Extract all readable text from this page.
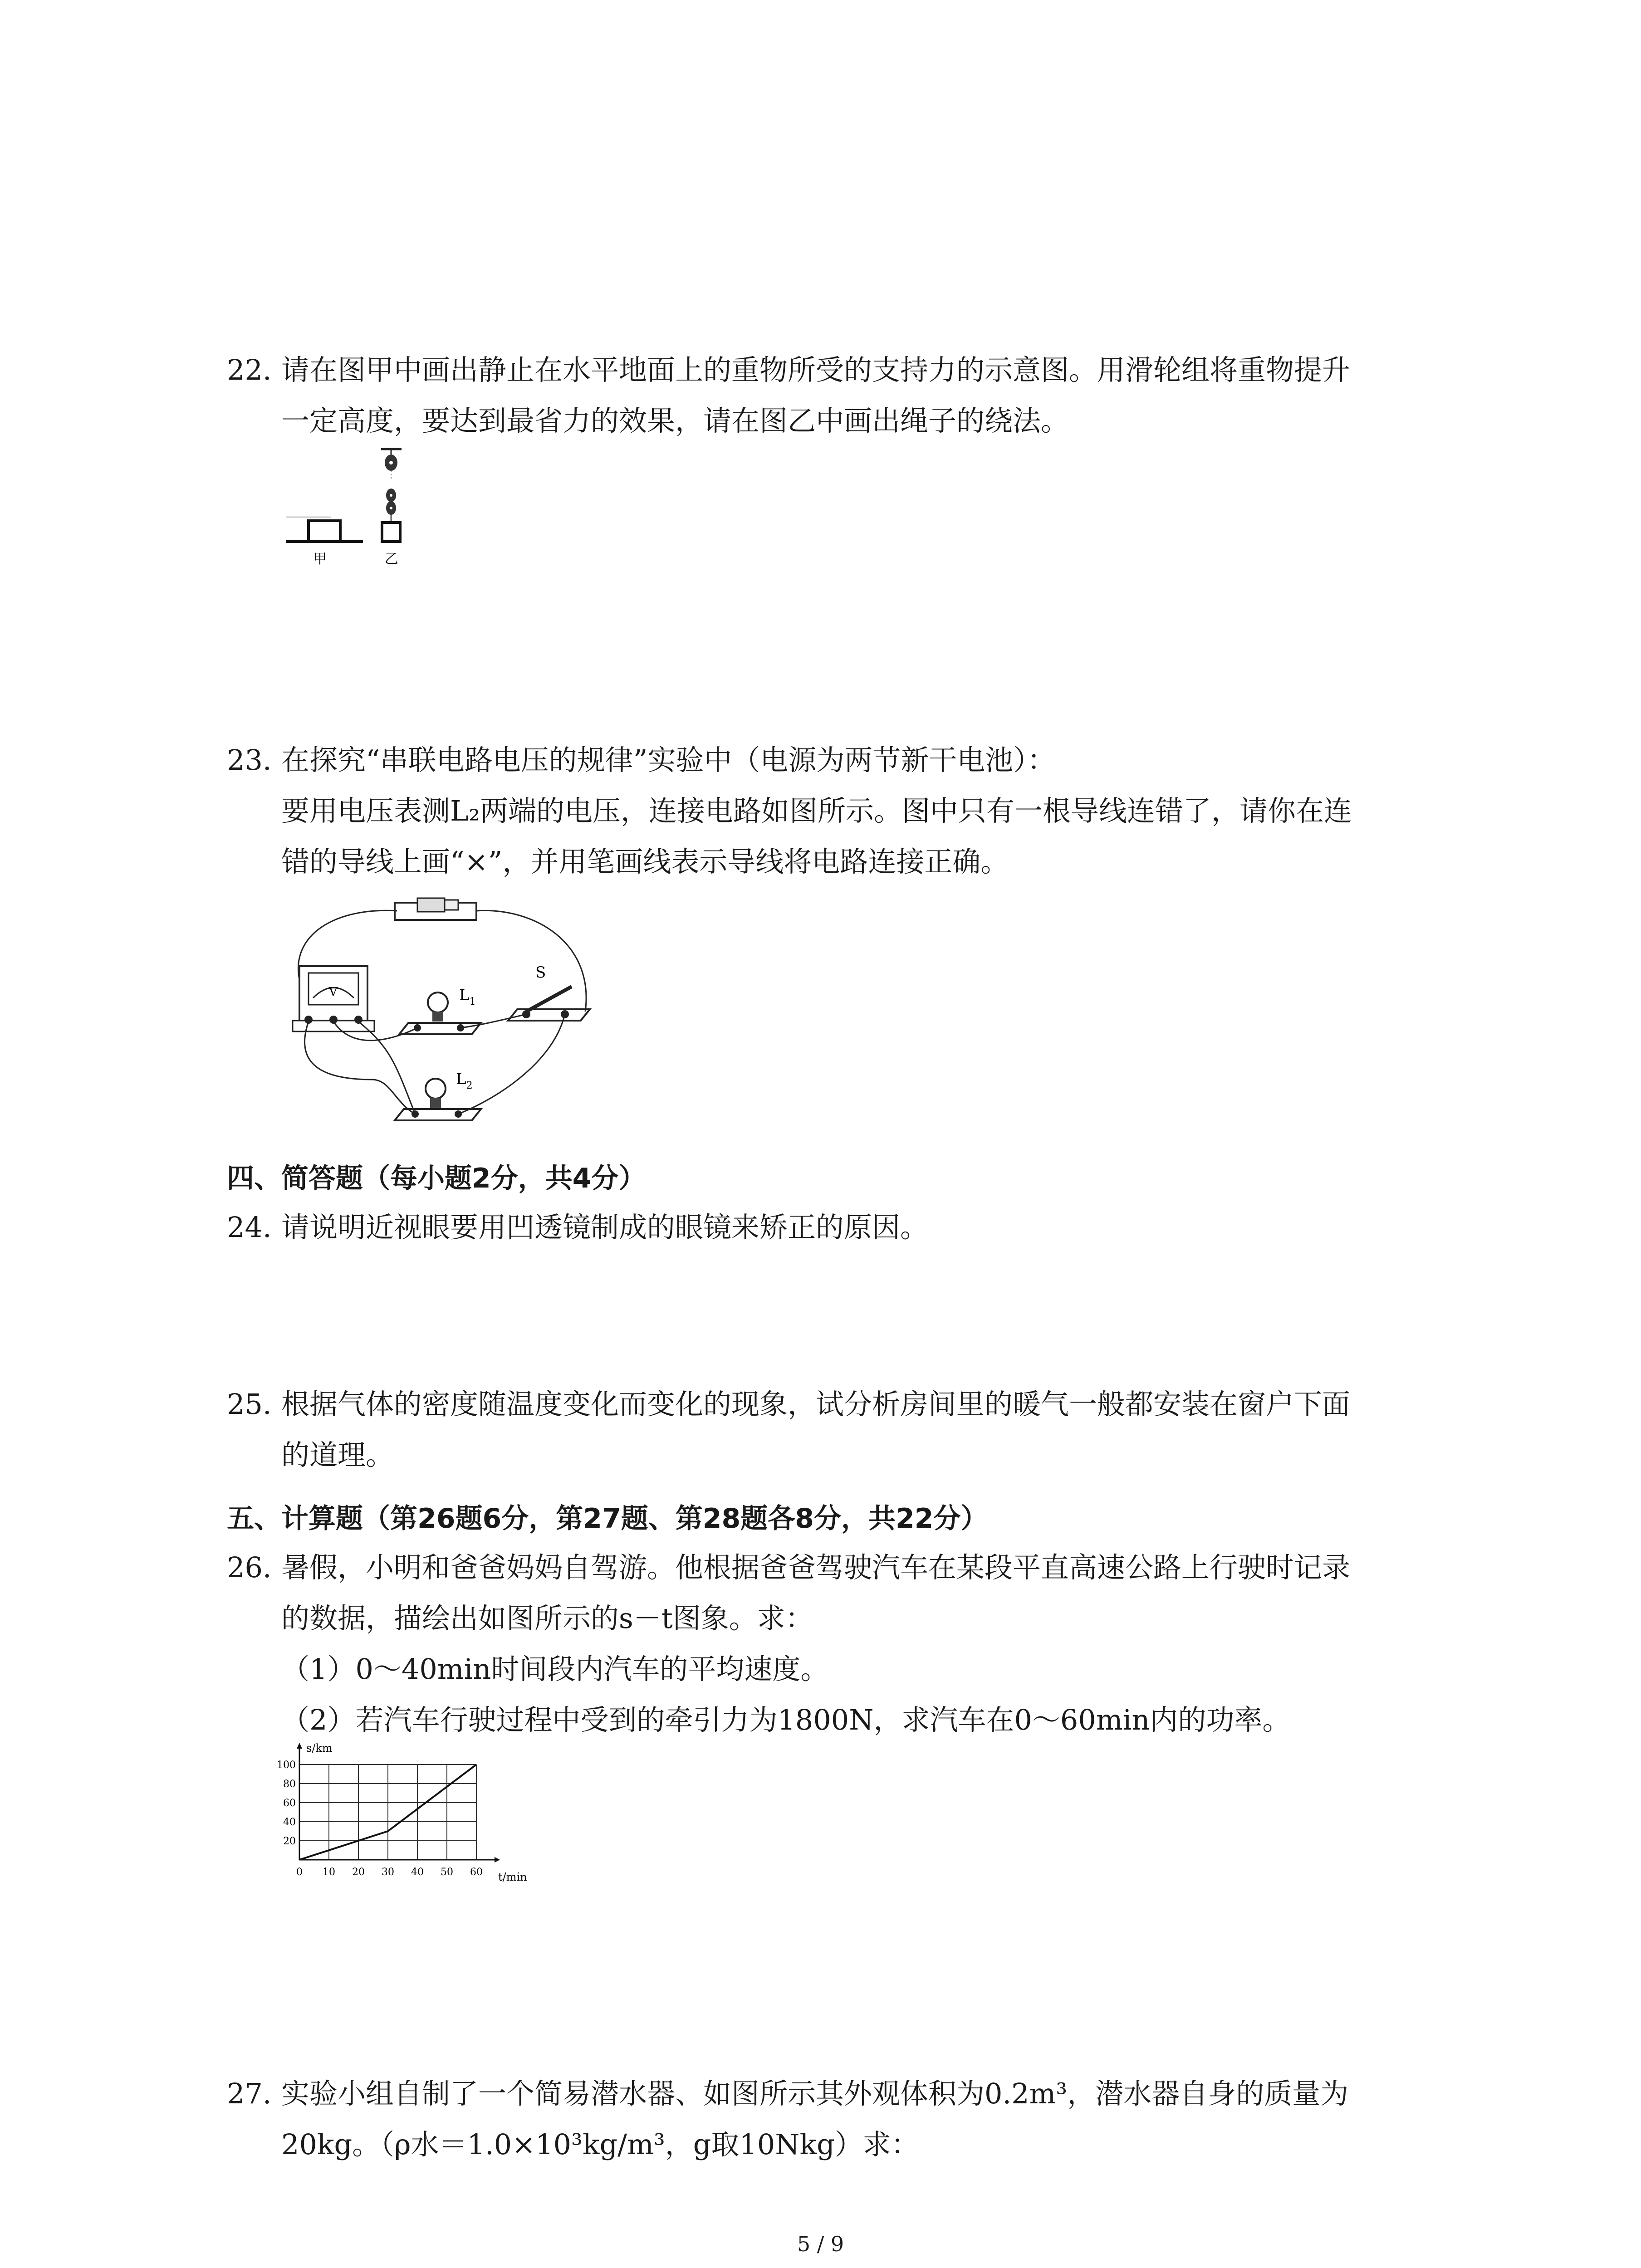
22. 请在图甲中画出静止在水平地面上的重物所受的支持力的示意图。用滑轮组将重物提升
一定高度，要达到最省力的效果，请在图乙中画出绳子的绕法。
甲	乙
23. 在探究“串联电路电压的规律”实验中（电源为两节新干电池）：
要用电压表测L₂两端的电压，连接电路如图所示。图中只有一根导线连错了，请你在连
错的导线上画“×”，并用笔画线表示导线将电路连接正确。
V	$L_1$
S
$L_2$
四、简答题（每小题2分，共4分）
24. 请说明近视眼要用凹透镜制成的眼镜来矫正的原因。
25. 根据气体的密度随温度变化而变化的现象，试分析房间里的暖气一般都安装在窗户下面
的道理。
五、计算题（第26题6分，第27题、第28题各8分，共22分）
26. 暑假，小明和爸爸妈妈自驾游。他根据爸爸驾驶汽车在某段平直高速公路上行驶时记录
的数据，描绘出如图所示的s－t图象。求：
（1）0～40min时间段内汽车的平均速度。
（2）若汽车行驶过程中受到的牵引力为1800N，求汽车在0～60min内的功率。
s/km
t/min
0 10 20 30 40 50 60
20
40
60
80
100
27. 实验小组自制了一个简易潜水器、如图所示其外观体积为0.2m³，潜水器自身的质量为
20kg。（ρ水＝1.0×10³kg/m³，g取10Nkg）求：
5 / 9
